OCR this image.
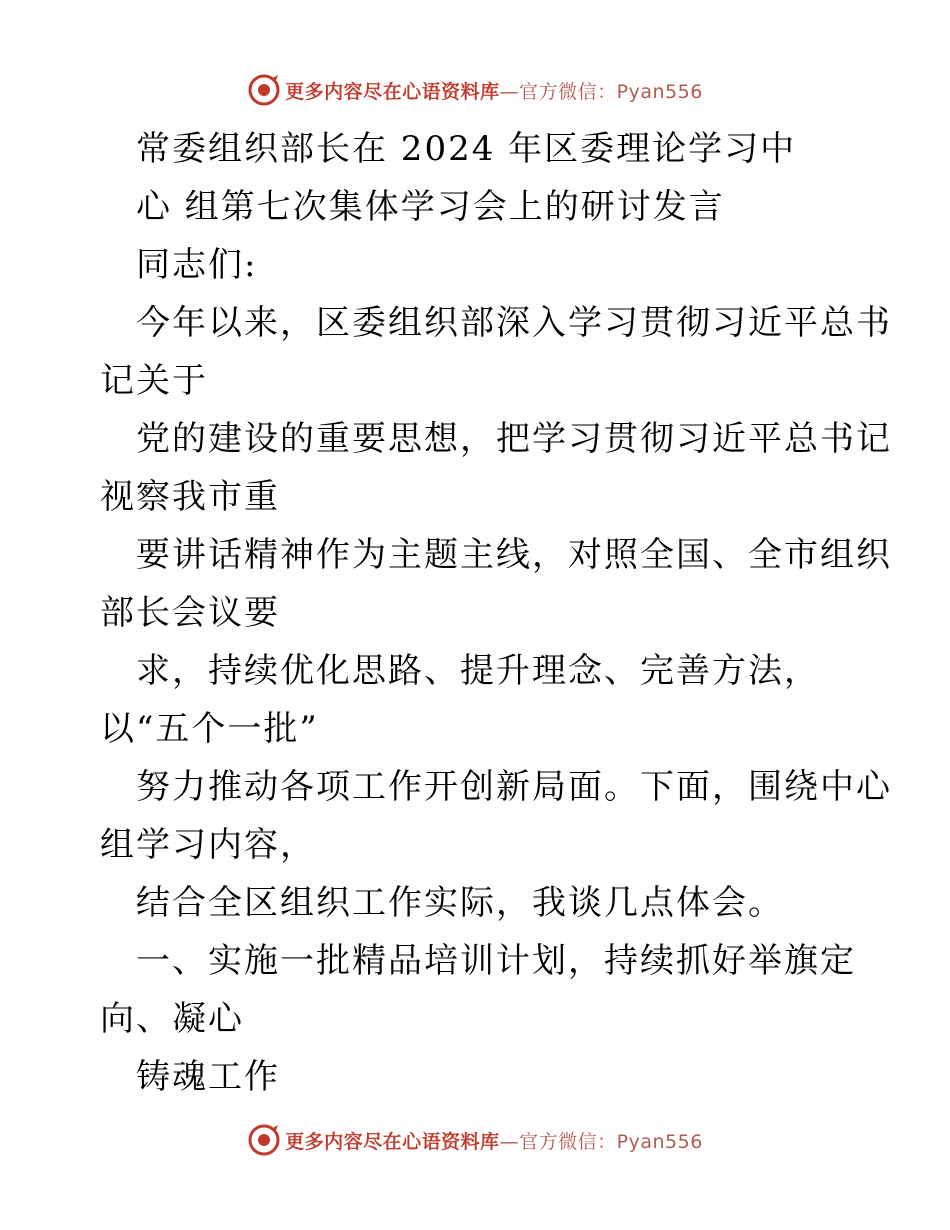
更多内容尽在心语资料库—官方微信：Pyan556
常委组织部长在 2024 年区委理论学习中
心 组第七次集体学习会上的研讨发言
同志们:
今年以来，区委组织部深入学习贯彻习近平总书
记关于
党的建设的重要思想，把学习贯彻习近平总书记
视察我市重
要讲话精神作为主题主线，对照全国、全市组织
部长会议要
求，持续优化思路、提升理念、完善方法，
以“五个一批”
努力推动各项工作开创新局面。下面，围绕中心
组学习内容，
结合全区组织工作实际，我谈几点体会。
一、实施一批精品培训计划，持续抓好举旗定
向、凝心
铸魂工作
更多内容尽在心语资料库—官方微信：Pyan556
